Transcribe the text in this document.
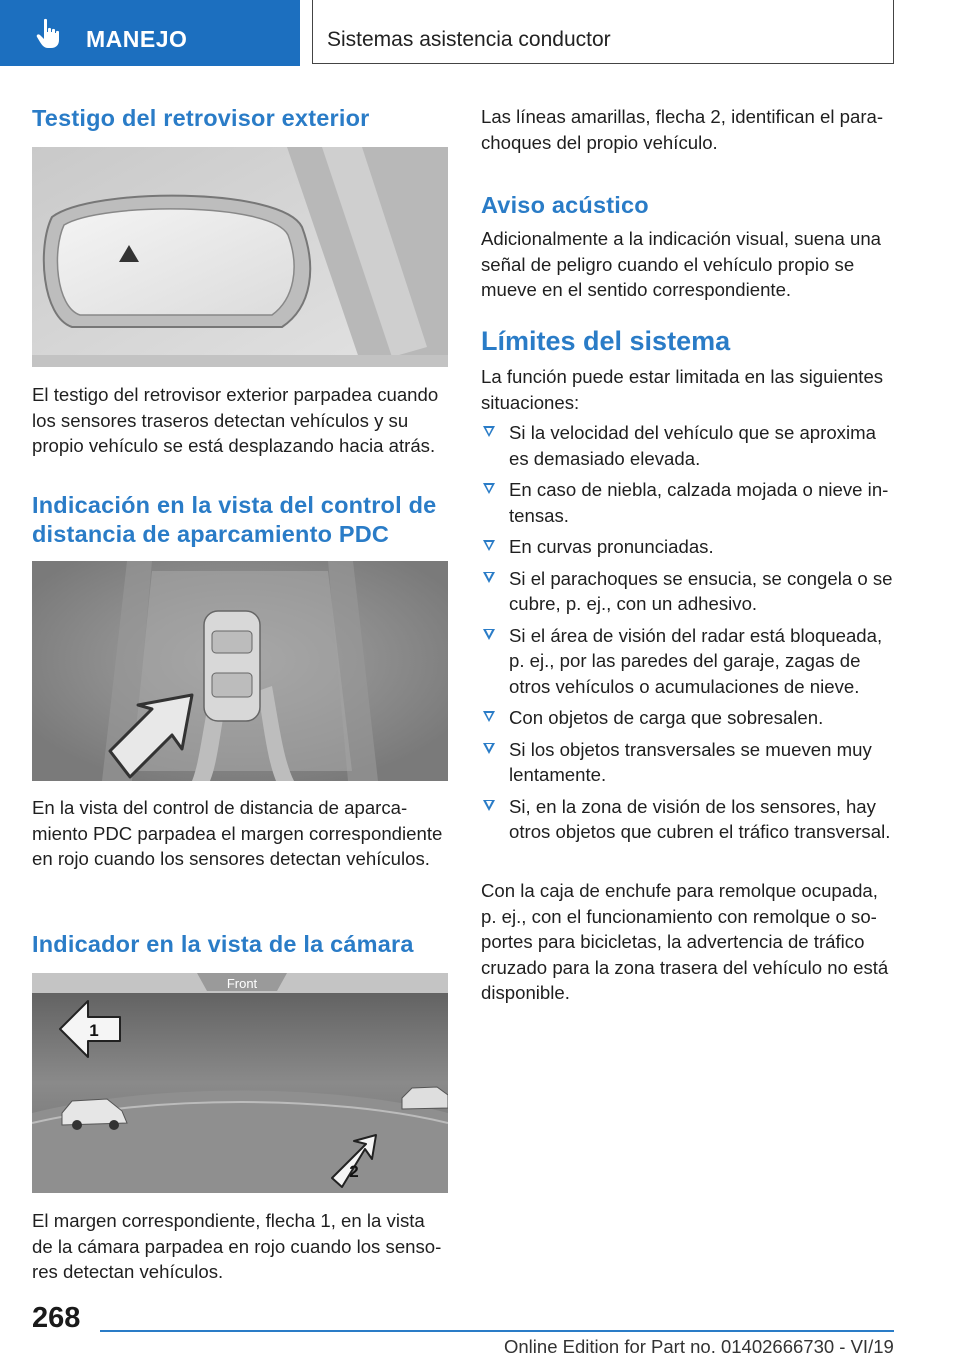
MANEJO	Sistemas asistencia conductor
Testigo del retrovisor exterior

El testigo del retrovisor exterior parpadea cuando los sensores traseros detectan vehículos y su propio vehículo se está desplazando hacia atrás.

Indicación en la vista del control de distancia de aparcamiento PDC

En la vista del control de distancia de aparcamiento PDC parpadea el margen correspondiente en rojo cuando los sensores detectan vehículos.

Indicador en la vista de la cámara
Front
1
2

El margen correspondiente, flecha 1, en la vista de la cámara parpadea en rojo cuando los sensores detectan vehículos.

Las líneas amarillas, flecha 2, identifican el parachoques del propio vehículo.

Aviso acústico

Adicionalmente a la indicación visual, suena una señal de peligro cuando el vehículo propio se mueve en el sentido correspondiente.

Límites del sistema

La función puede estar limitada en las siguientes situaciones:

Si la velocidad del vehículo que se aproxima es demasiado elevada.
En caso de niebla, calzada mojada o nieve intensas.
En curvas pronunciadas.
Si el parachoques se ensucia, se congela o se cubre, p. ej., con un adhesivo.
Si el área de visión del radar está bloqueada, p. ej., por las paredes del garaje, zagas de otros vehículos o acumulaciones de nieve.
Con objetos de carga que sobresalen.
Si los objetos transversales se mueven muy lentamente.
Si, en la zona de visión de los sensores, hay otros objetos que cubren el tráfico transversal.

Con la caja de enchufe para remolque ocupada, p. ej., con el funcionamiento con remolque o soportes para bicicletas, la advertencia de tráfico cruzado para la zona trasera del vehículo no está disponible.

268
Online Edition for Part no. 01402666730 - VI/19
